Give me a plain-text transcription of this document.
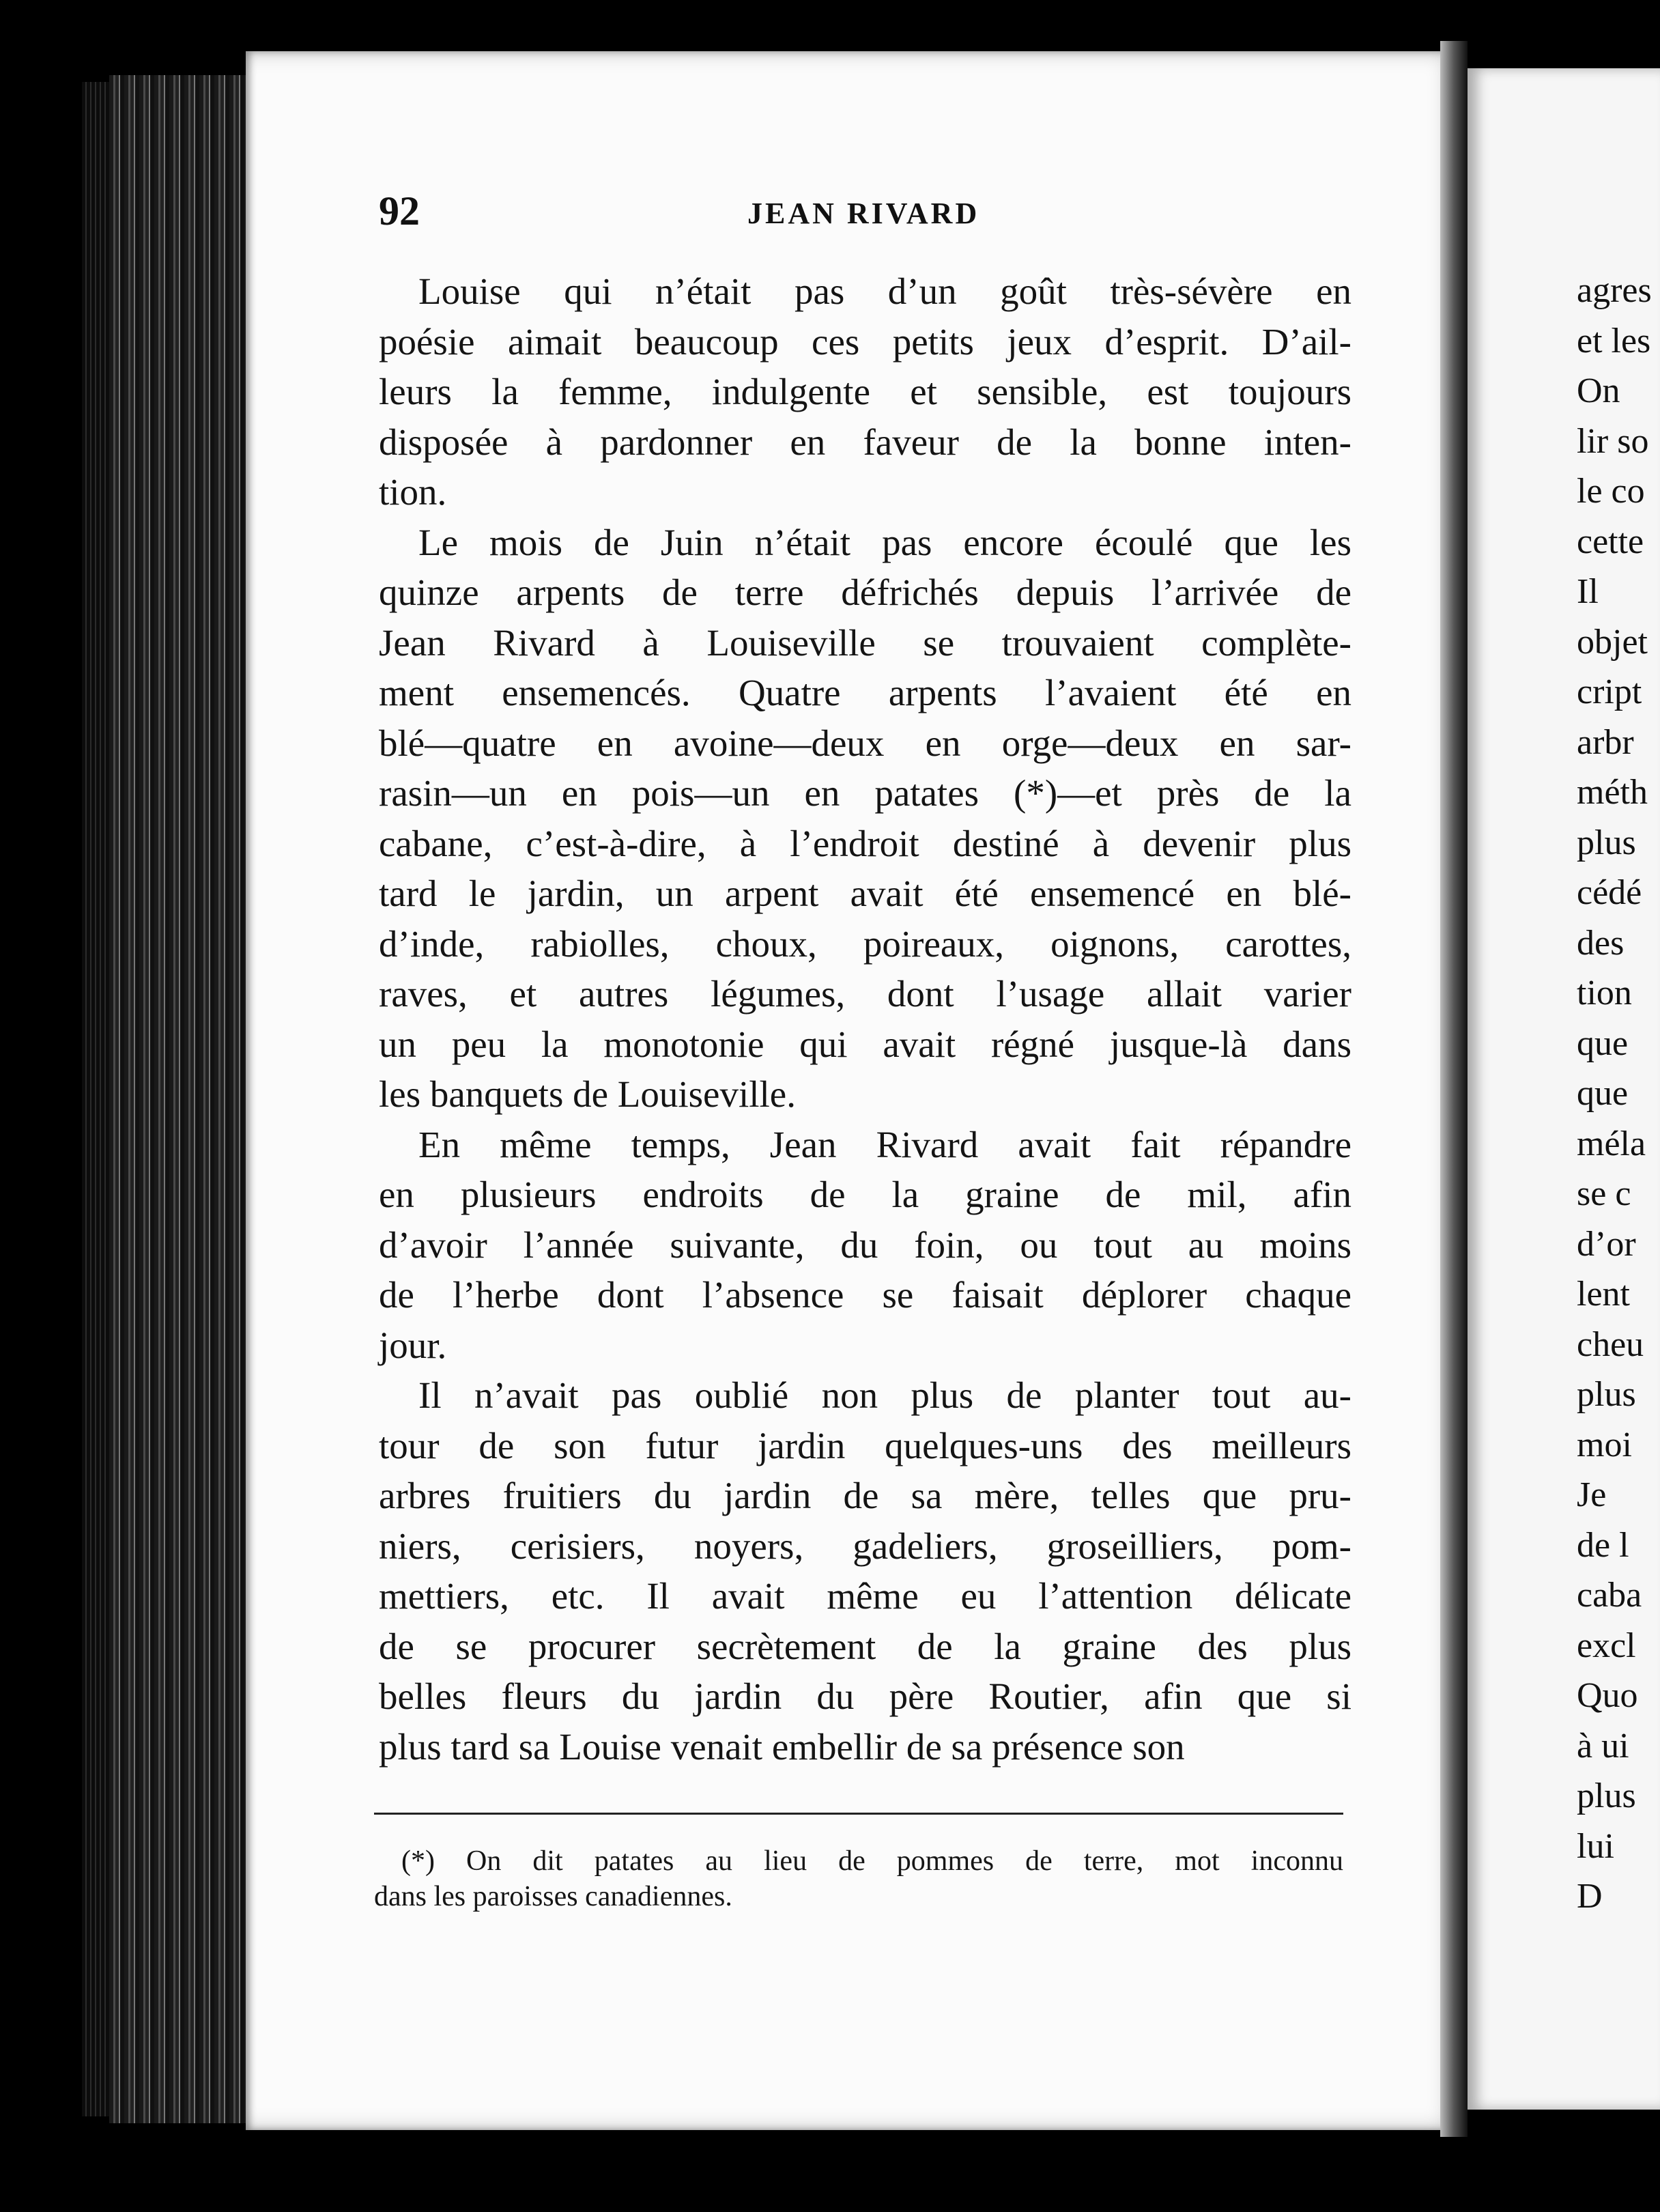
agres
et les
On
lir so
le co
cette
Il
objet
cript
arbr
méth
plus
cédé
des
tion
que
que
méla
se c
d’or
lent
cheu
plus
moi
Je
de l
caba
excl
Quo
à ui
plus
lui
D
92	JEAN RIVARD
Louise qui n’était pas d’un goût très-sévère en
poésie aimait beaucoup ces petits jeux d’esprit. D’ail-
leurs la femme, indulgente et sensible, est toujours
disposée à pardonner en faveur de la bonne inten-
tion.
Le mois de Juin n’était pas encore écoulé que les
quinze arpents de terre défrichés depuis l’arrivée de
Jean Rivard à Louiseville se trouvaient complète-
ment ensemencés. Quatre arpents l’avaient été en
blé—quatre en avoine—deux en orge—deux en sar-
rasin—un en pois—un en patates (*)—et près de la
cabane, c’est-à-dire, à l’endroit destiné à devenir plus
tard le jardin, un arpent avait été ensemencé en blé-
d’inde, rabiolles, choux, poireaux, oignons, carottes,
raves, et autres légumes, dont l’usage allait varier
un peu la monotonie qui avait régné jusque-là dans
les banquets de Louiseville.
En même temps, Jean Rivard avait fait répandre
en plusieurs endroits de la graine de mil, afin
d’avoir l’année suivante, du foin, ou tout au moins
de l’herbe dont l’absence se faisait déplorer chaque
jour.
Il n’avait pas oublié non plus de planter tout au-
tour de son futur jardin quelques-uns des meilleurs
arbres fruitiers du jardin de sa mère, telles que pru-
niers, cerisiers, noyers, gadeliers, groseilliers, pom-
mettiers, etc. Il avait même eu l’attention délicate
de se procurer secrètement de la graine des plus
belles fleurs du jardin du père Routier, afin que si
plus tard sa Louise venait embellir de sa présence son
(*) On dit patates au lieu de pommes de terre, mot inconnu
dans les paroisses canadiennes.
